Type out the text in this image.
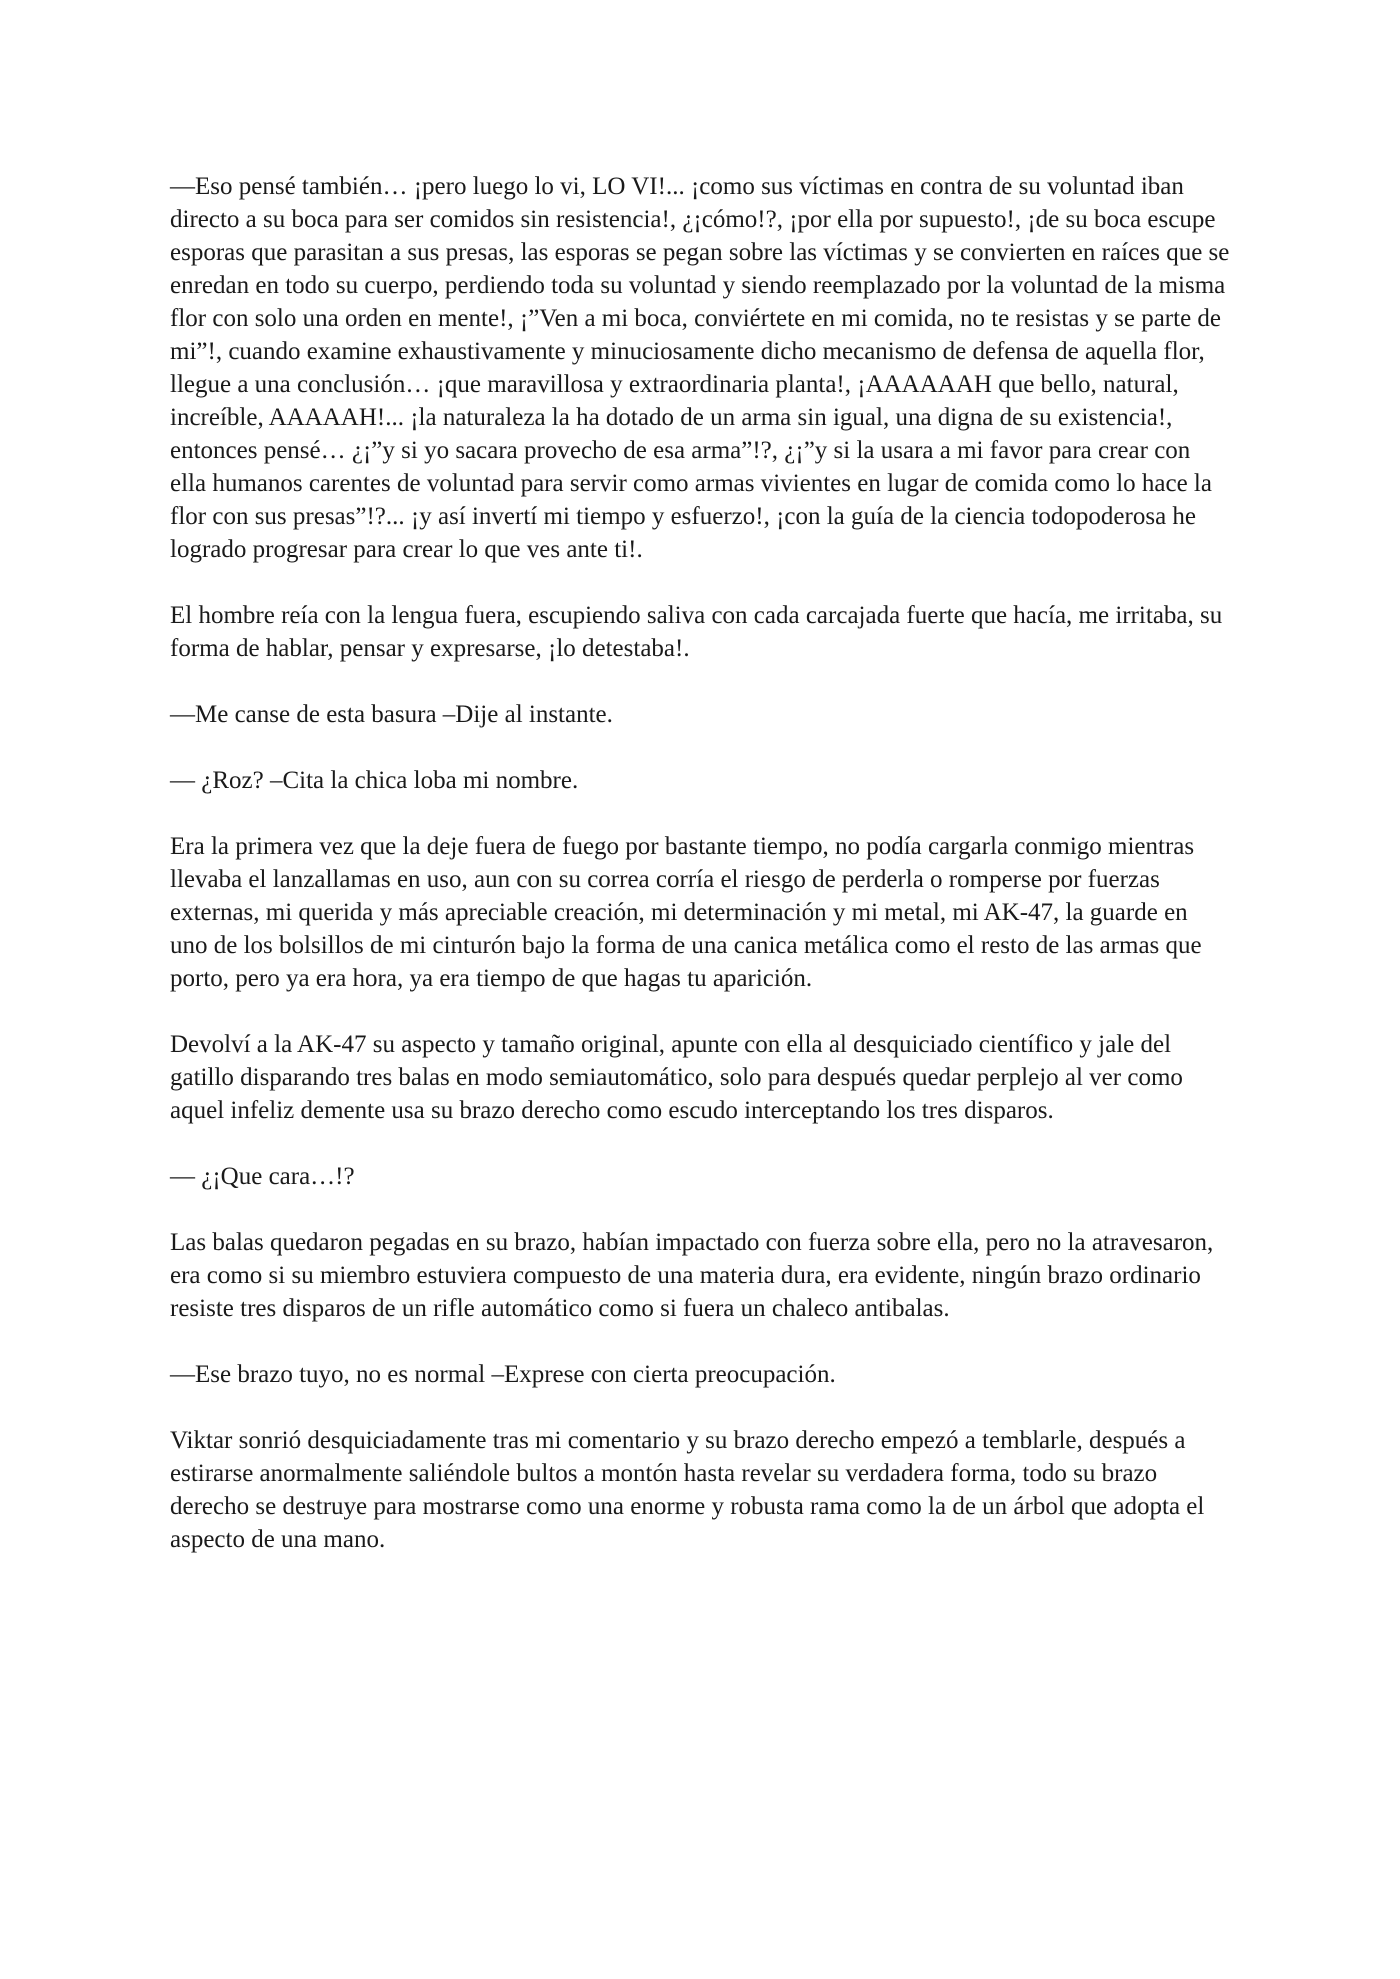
—Eso pensé también… ¡pero luego lo vi, LO VI!... ¡como sus víctimas en contra de su voluntad iban directo a su boca para ser comidos sin resistencia!, ¿¡cómo!?, ¡por ella por supuesto!, ¡de su boca escupe esporas que parasitan a sus presas, las esporas se pegan sobre las víctimas y se convierten en raíces que se enredan en todo su cuerpo, perdiendo toda su voluntad y siendo reemplazado por la voluntad de la misma flor con solo una orden en mente!, ¡”Ven a mi boca, conviértete en mi comida, no te resistas y se parte de mi”!, cuando examine exhaustivamente y minuciosamente dicho mecanismo de defensa de aquella flor, llegue a una conclusión… ¡que maravillosa y extraordinaria planta!, ¡AAAAAAH que bello, natural, increíble, AAAAAH!... ¡la naturaleza la ha dotado de un arma sin igual, una digna de su existencia!, entonces pensé… ¿¡”y si yo sacara provecho de esa arma”!?, ¿¡”y si la usara a mi favor para crear con ella humanos carentes de voluntad para servir como armas vivientes en lugar de comida como lo hace la flor con sus presas”!?... ¡y así invertí mi tiempo y esfuerzo!, ¡con la guía de la ciencia todopoderosa he logrado progresar para crear lo que ves ante ti!.

El hombre reía con la lengua fuera, escupiendo saliva con cada carcajada fuerte que hacía, me irritaba, su forma de hablar, pensar y expresarse, ¡lo detestaba!.

—Me canse de esta basura –Dije al instante.

— ¿Roz? –Cita la chica loba mi nombre.

Era la primera vez que la deje fuera de fuego por bastante tiempo, no podía cargarla conmigo mientras llevaba el lanzallamas en uso, aun con su correa corría el riesgo de perderla o romperse por fuerzas externas, mi querida y más apreciable creación, mi determinación y mi metal, mi AK-47, la guarde en uno de los bolsillos de mi cinturón bajo la forma de una canica metálica como el resto de las armas que porto, pero ya era hora, ya era tiempo de que hagas tu aparición.

Devolví a la AK-47 su aspecto y tamaño original, apunte con ella al desquiciado científico y jale del gatillo disparando tres balas en modo semiautomático, solo para después quedar perplejo al ver como aquel infeliz demente usa su brazo derecho como escudo interceptando los tres disparos.

— ¿¡Que cara…!?

Las balas quedaron pegadas en su brazo, habían impactado con fuerza sobre ella, pero no la atravesaron, era como si su miembro estuviera compuesto de una materia dura, era evidente, ningún brazo ordinario resiste tres disparos de un rifle automático como si fuera un chaleco antibalas.

—Ese brazo tuyo, no es normal –Exprese con cierta preocupación.

Viktar sonrió desquiciadamente tras mi comentario y su brazo derecho empezó a temblarle, después a estirarse anormalmente saliéndole bultos a montón hasta revelar su verdadera forma, todo su brazo derecho se destruye para mostrarse como una enorme y robusta rama como la de un árbol que adopta el aspecto de una mano.
